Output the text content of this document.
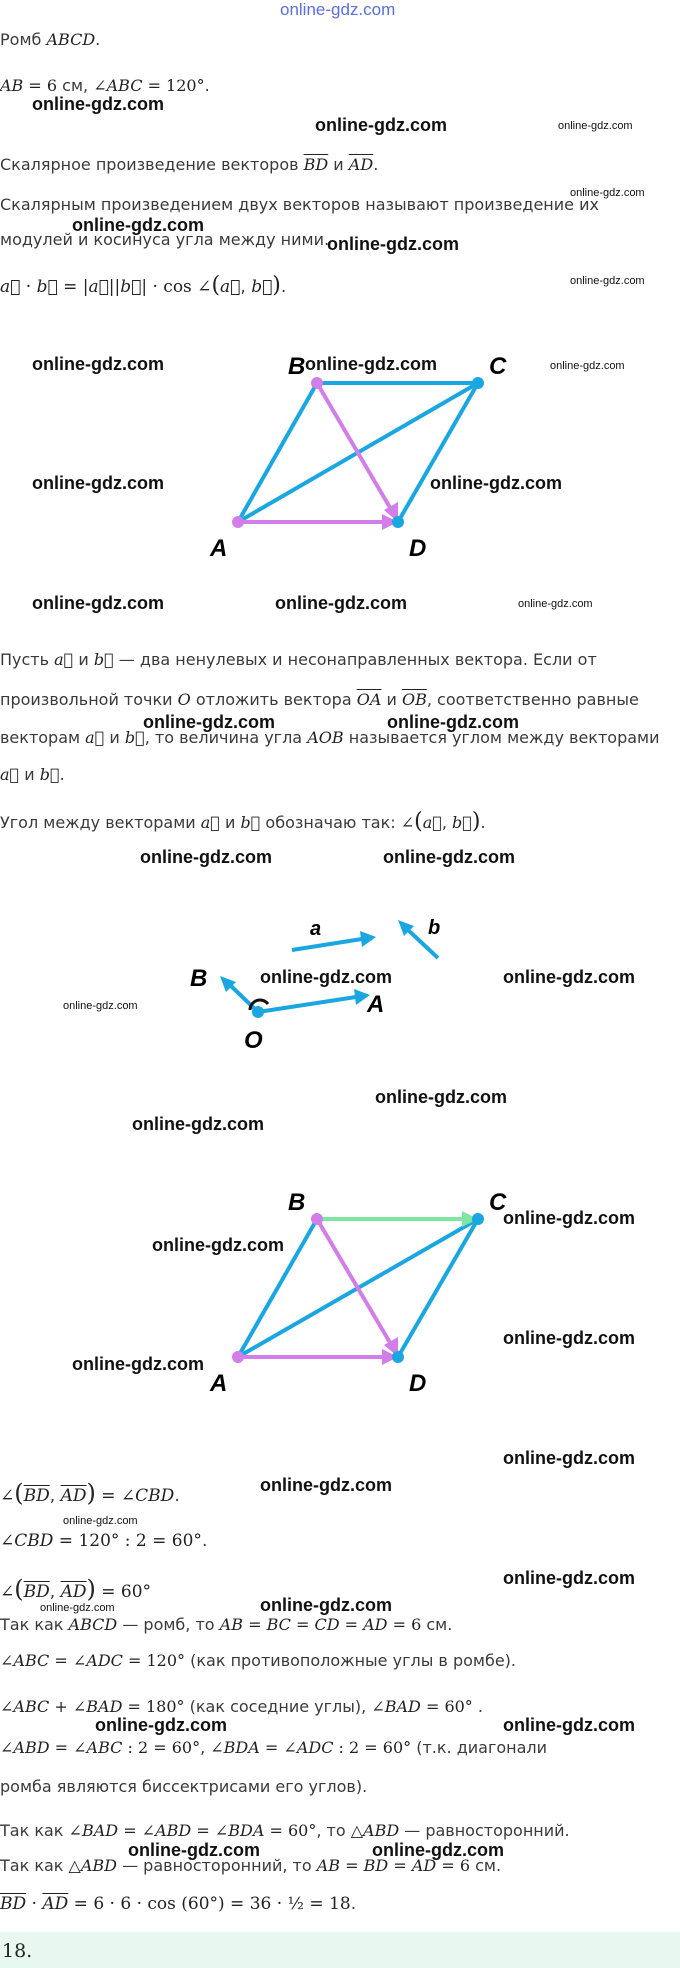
online-gdz.com
Ромб ABCD.
AB = 6 см, ∠ABC = 120°.
Скалярное произведение векторов $\overline{BD}$ и $\overline{AD}$.
Скалярным произведением двух векторов называют произведение их
модулей и косинуса угла между ними.
a⃗ · b⃗ = |a⃗||b⃗| · cos ∠(a⃗, b⃗).
B	C
A	D
Пусть a⃗ и b⃗ — два ненулевых и несонаправленных вектора. Если от
произвольной точки O отложить вектора $\overline{OA}$ и $\overline{OB}$, соответственно равные
векторам a⃗ и b⃗, то величина угла AOB называется углом между векторами
a⃗ и b⃗.
Угол между векторами a⃗ и b⃗ обозначаю так: ∠(a⃗, b⃗).
a	b
B
A
O
B	C
A	D
$\angle(\overline{BD}$, $\overline{AD}$) = ∠CBD.
∠CBD = 120° : 2 = 60°.
$\angle(\overline{BD}$, $\overline{AD}) = 60^\circ$
Так как ABCD — ромб, то AB = BC = CD = AD = 6 см.
∠ABC = ∠ADC = 120° (как противоположные углы в ромбе).
∠ABC + ∠BAD = 180° (как соседние углы), ∠BAD = 60° .
∠ABD = ∠ABC : 2 = 60°, ∠BDA = ∠ADC : 2 = 60° (т.к. диагонали
ромба являются биссектрисами его углов).
Так как ∠BAD = ∠ABD = ∠BDA = 60°, то △ABD — равносторонний.
Так как △ABD — равносторонний, то AB = BD = AD = 6 см.
$\overline{BD} \cdot \overline{AD} = 6 \cdot 6 \cdot \cos (60^\circ) = 36$ · ½ = 18.
18.
online-gdz.com
online-gdz.com	online-gdz.com
online-gdz.com
online-gdz.com
online-gdz.com
online-gdz.com
online-gdz.com	online-gdz.com	online-gdz.com
online-gdz.com	online-gdz.com
online-gdz.com	online-gdz.com	online-gdz.com
online-gdz.com	online-gdz.com
online-gdz.com	online-gdz.com
online-gdz.com	online-gdz.com
online-gdz.com
online-gdz.com
online-gdz.com
online-gdz.com
online-gdz.com
online-gdz.com
online-gdz.com
online-gdz.com
online-gdz.com
online-gdz.com
online-gdz.com
online-gdz.com
online-gdz.com
online-gdz.com	online-gdz.com
online-gdz.com	online-gdz.com
